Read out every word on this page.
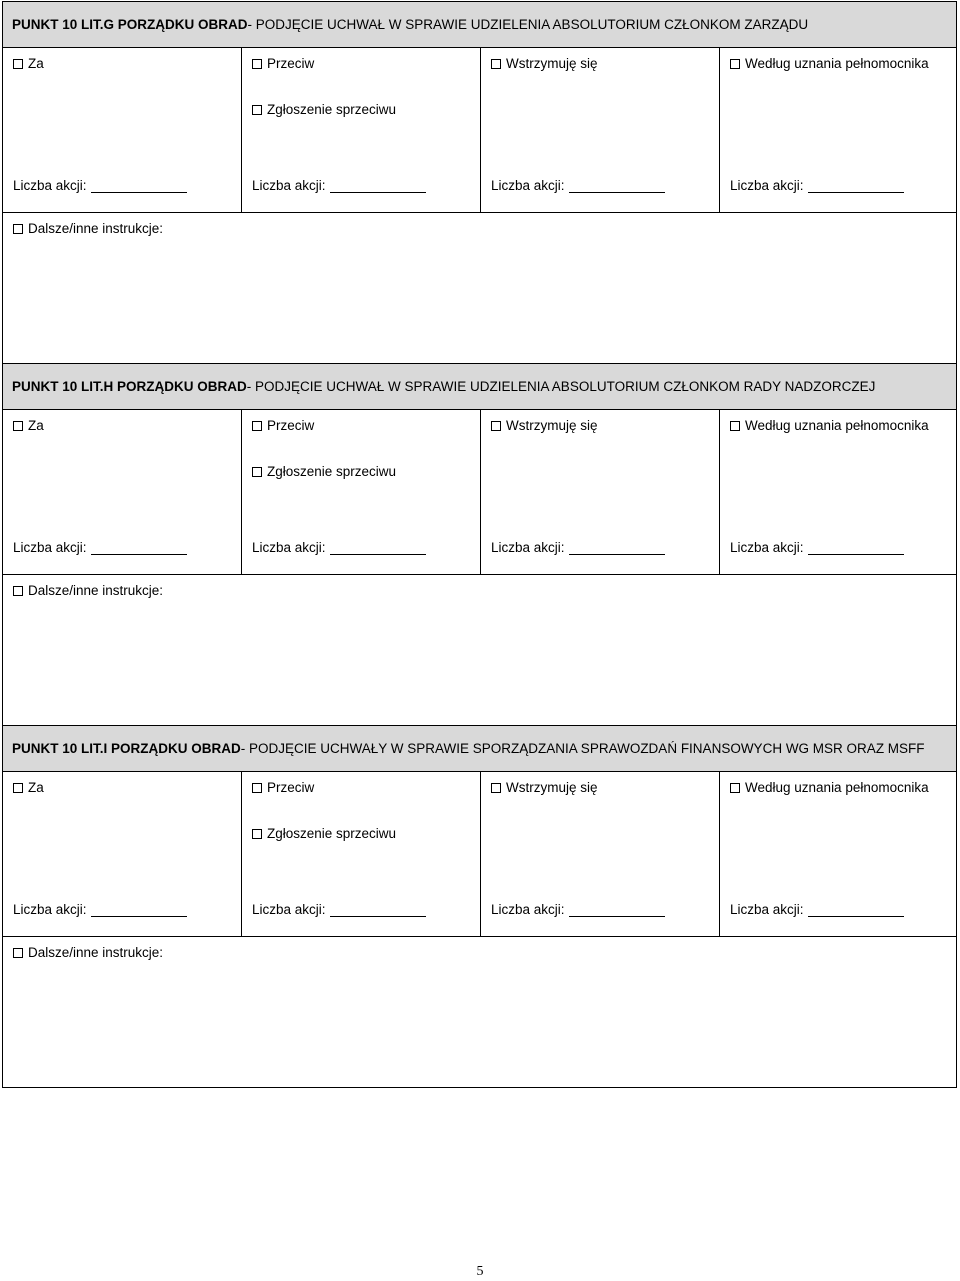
PUNKT 10 LIT.G PORZĄDKU OBRAD - PODJĘCIE UCHWAŁ W SPRAWIE UDZIELENIA ABSOLUTORIUM CZŁONKOM ZARZĄDU
Za
Liczba akcji:
Przeciw
Zgłoszenie sprzeciwu
Liczba akcji:
Wstrzymuję się
Liczba akcji:
Według uznania pełnomocnika
Liczba akcji:
Dalsze/inne instrukcje:
PUNKT 10 LIT.H PORZĄDKU OBRAD - PODJĘCIE UCHWAŁ W SPRAWIE UDZIELENIA ABSOLUTORIUM CZŁONKOM RADY NADZORCZEJ
Za
Liczba akcji:
Przeciw
Zgłoszenie sprzeciwu
Liczba akcji:
Wstrzymuję się
Liczba akcji:
Według uznania pełnomocnika
Liczba akcji:
Dalsze/inne instrukcje:
PUNKT 10 LIT.I PORZĄDKU OBRAD - PODJĘCIE UCHWAŁY W SPRAWIE SPORZĄDZANIA SPRAWOZDAŃ FINANSOWYCH WG MSR ORAZ MSFF
Za
Liczba akcji:
Przeciw
Zgłoszenie sprzeciwu
Liczba akcji:
Wstrzymuję się
Liczba akcji:
Według uznania pełnomocnika
Liczba akcji:
Dalsze/inne instrukcje:
5
